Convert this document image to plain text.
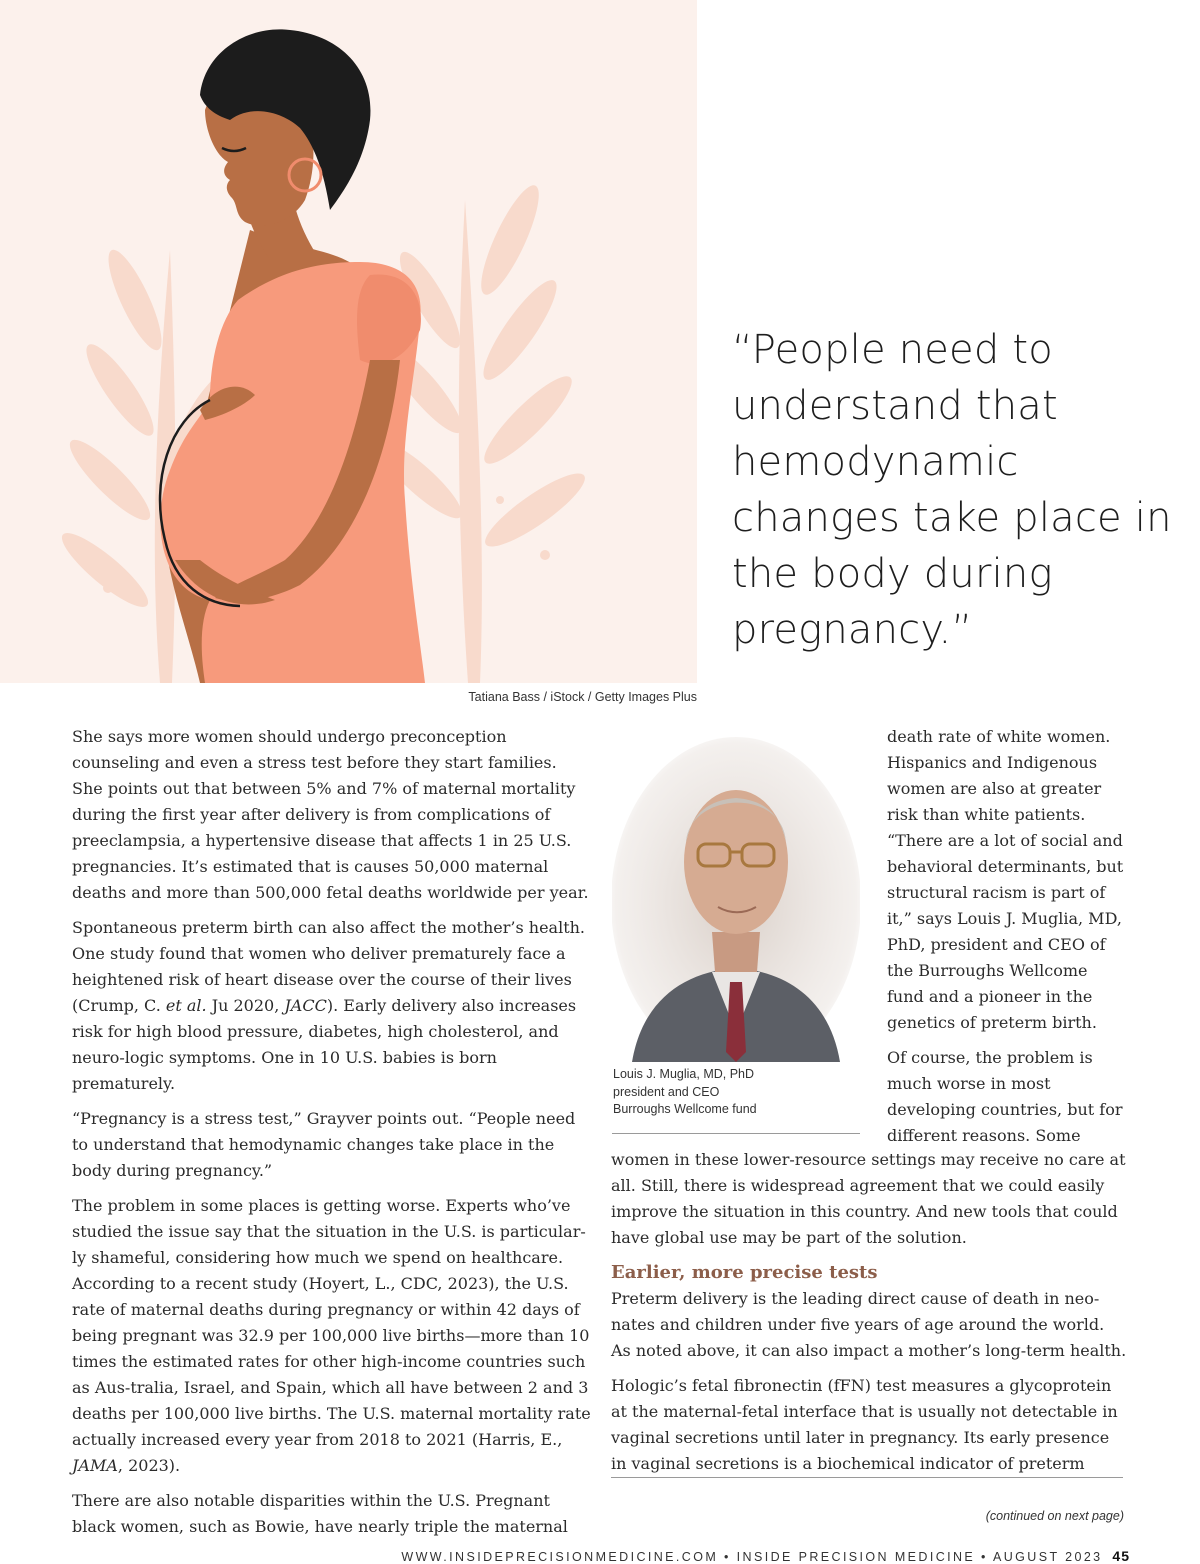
Tatiana Bass / iStock / Getty Images Plus
“People need to understand that hemodynamic changes take place in the body during pregnancy.”

She says more women should undergo preconception counseling and even a stress test before they start families. She points out that between 5% and 7% of maternal mortality during the first year after delivery is from complications of preeclampsia, a hypertensive disease that affects 1 in 25 U.S. pregnancies. It’s estimated that is causes 50,000 maternal deaths and more than 500,000 fetal deaths worldwide per year.

Spontaneous preterm birth can also affect the mother’s health. One study found that women who deliver prematurely face a heightened risk of heart disease over the course of their lives (Crump, C. et al. Ju 2020, JACC). Early delivery also increases risk for high blood pressure, diabetes, high cholesterol, and neuro-logic symptoms. One in 10 U.S. babies is born prematurely.

“Pregnancy is a stress test,” Grayver points out. “People need to understand that hemodynamic changes take place in the body during pregnancy.”

The problem in some places is getting worse. Experts who’ve studied the issue say that the situation in the U.S. is particular-ly shameful, considering how much we spend on healthcare. According to a recent study (Hoyert, L., CDC, 2023), the U.S. rate of maternal deaths during pregnancy or within 42 days of being pregnant was 32.9 per 100,000 live births—more than 10 times the estimated rates for other high-income countries such as Aus-tralia, Israel, and Spain, which all have between 2 and 3 deaths per 100,000 live births. The U.S. maternal mortality rate actually increased every year from 2018 to 2021 (Harris, E., JAMA, 2023).

There are also notable disparities within the U.S. Pregnant black women, such as Bowie, have nearly triple the maternal

Louis J. Muglia, MD, PhD
president and CEO
Burroughs Wellcome fund

death rate of white women. Hispanics and Indigenous women are also at greater risk than white patients. “There are a lot of social and behavioral determinants, but structural racism is part of it,” says Louis J. Muglia, MD, PhD, president and CEO of the Burroughs Wellcome fund and a pioneer in the genetics of preterm birth.

Of course, the problem is much worse in most developing countries, but for different reasons. Some

women in these lower-resource settings may receive no care at all. Still, there is widespread agreement that we could easily improve the situation in this country. And new tools that could have global use may be part of the solution.

Earlier, more precise tests

Preterm delivery is the leading direct cause of death in neo-nates and children under five years of age around the world. As noted above, it can also impact a mother’s long-term health.

Hologic’s fetal fibronectin (fFN) test measures a glycoprotein at the maternal-fetal interface that is usually not detectable in vaginal secretions until later in pregnancy. Its early presence in vaginal secretions is a biochemical indicator of preterm

(continued on next page)
WWW.INSIDEPRECISIONMEDICINE.COM • INSIDE PRECISION MEDICINE • AUGUST 2023 45
